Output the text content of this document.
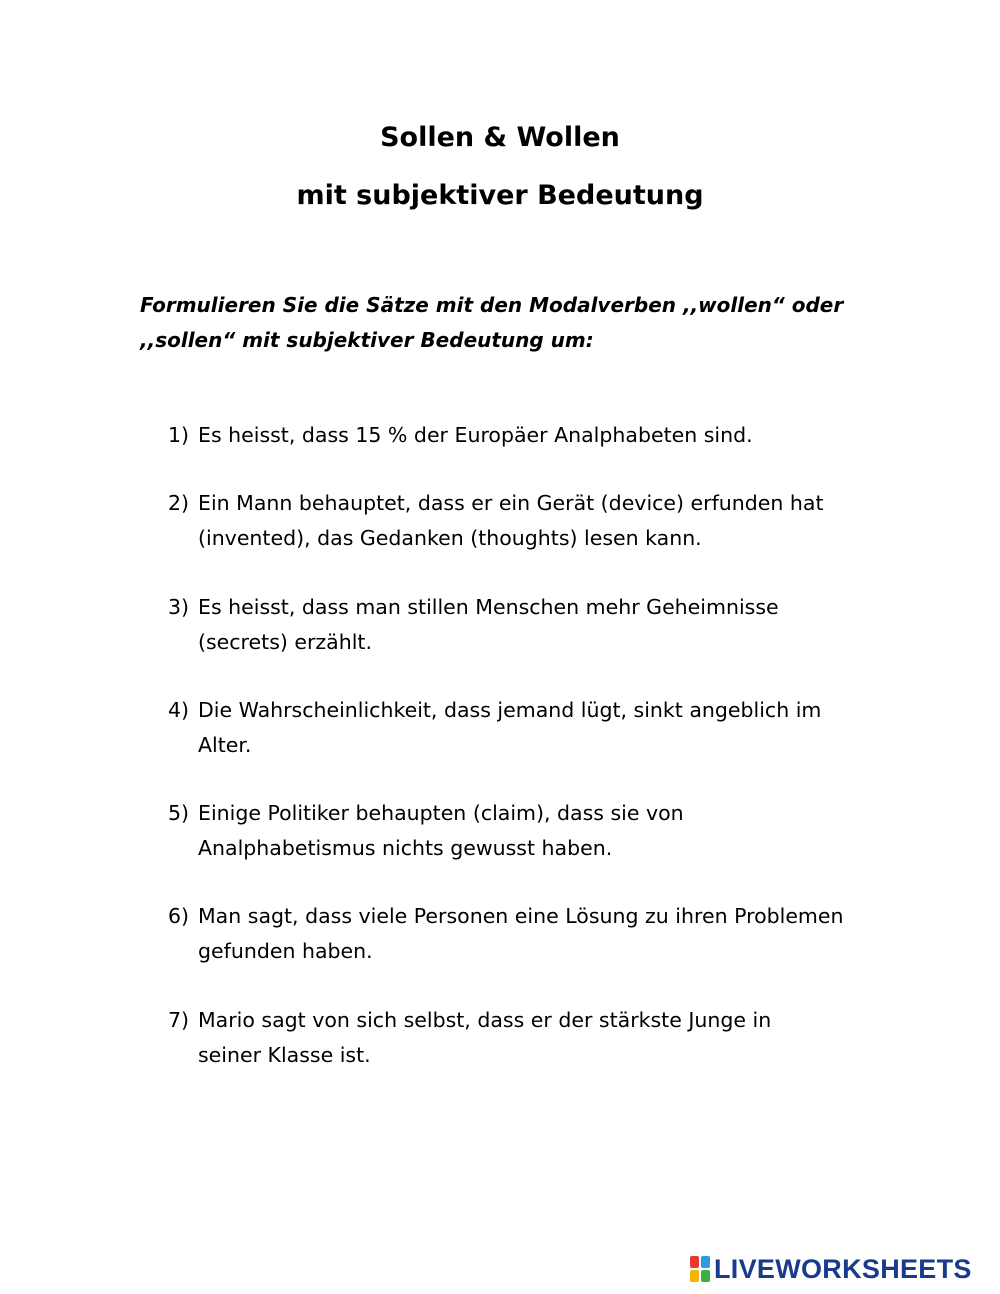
Sollen & Wollen
mit subjektiver Bedeutung
Formulieren Sie die Sätze mit den Modalverben ,,wollen“ oder
,,sollen“ mit subjektiver Bedeutung um:
1) Es heisst, dass 15 % der Europäer Analphabeten sind.
2) Ein Mann behauptet, dass er ein Gerät (device) erfunden hat
(invented), das Gedanken (thoughts) lesen kann.
3) Es heisst, dass man stillen Menschen mehr Geheimnisse
(secrets) erzählt.
4) Die Wahrscheinlichkeit, dass jemand lügt, sinkt angeblich im
Alter.
5) Einige Politiker behaupten (claim), dass sie von
Analphabetismus nichts gewusst haben.
6) Man sagt, dass viele Personen eine Lösung zu ihren Problemen
gefunden haben.
7) Mario sagt von sich selbst, dass er der stärkste Junge in
seiner Klasse ist.
LIVEWORKSHEETS
